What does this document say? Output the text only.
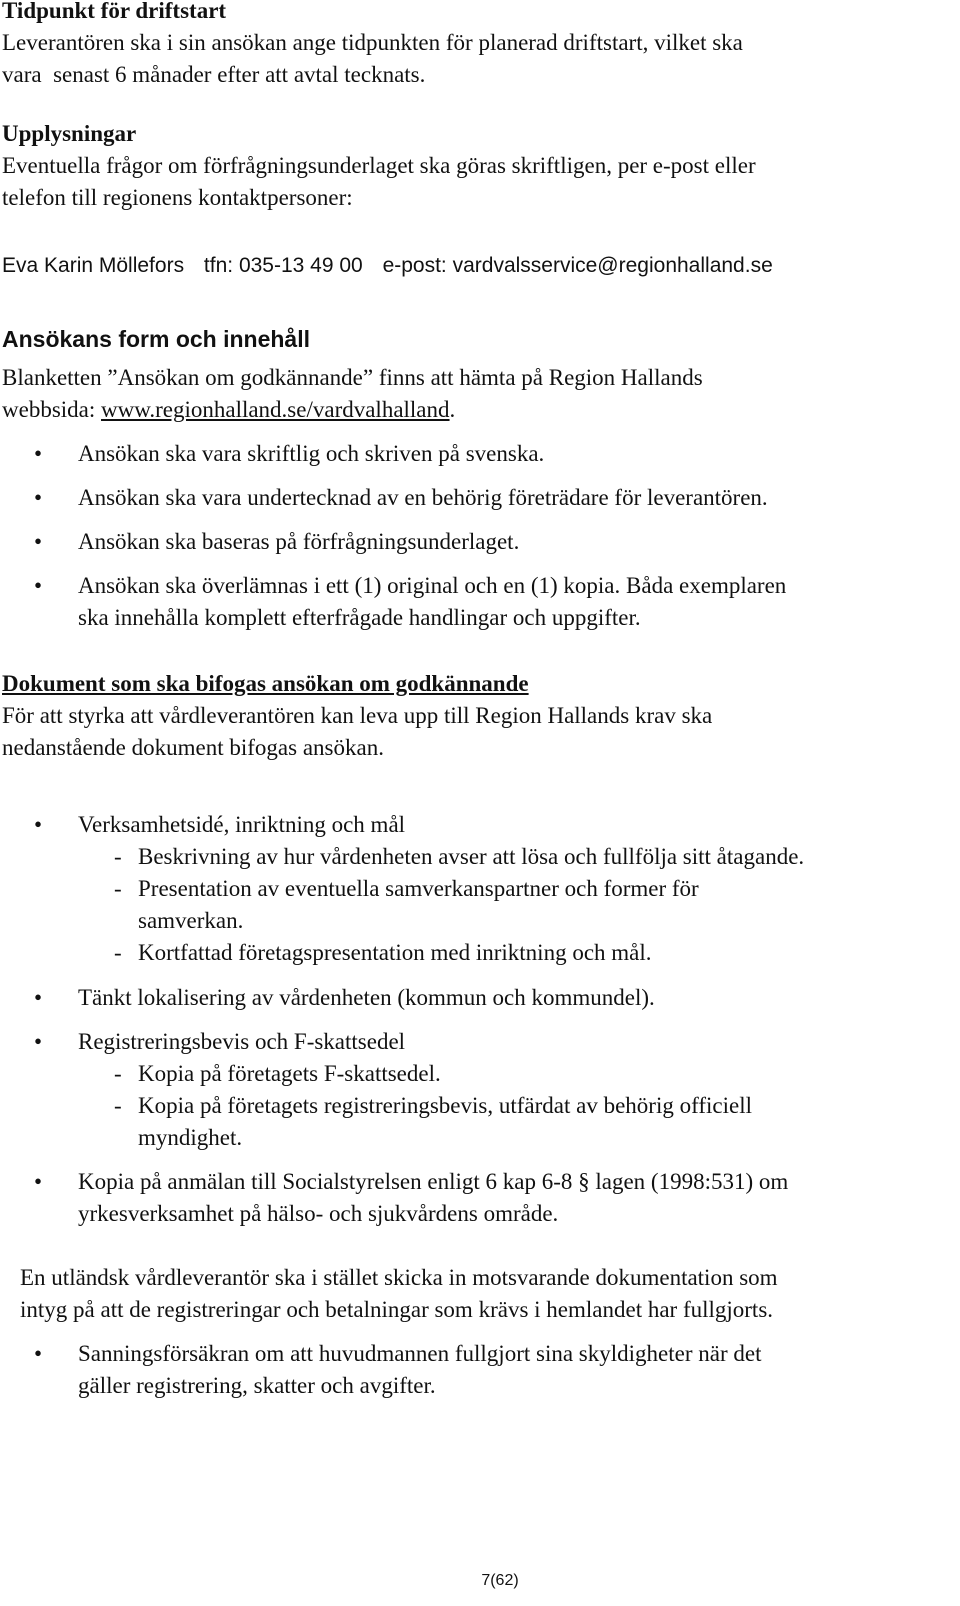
Tidpunkt för driftstart
Leverantören ska i sin ansökan ange tidpunkten för planerad driftstart, vilket ska
vara  senast 6 månader efter att avtal tecknats.
Upplysningar
Eventuella frågor om förfrågningsunderlaget ska göras skriftligen, per e-post eller
telefon till regionens kontaktpersoner:
Eva Karin Möllefors tfn: 035-13 49 00 e-post: vardvalsservice@regionhalland.se
Ansökans form och innehåll
Blanketten ”Ansökan om godkännande” finns att hämta på Region Hallands
webbsida: www.regionhalland.se/vardvalhalland.
• Ansökan ska vara skriftlig och skriven på svenska.
• Ansökan ska vara undertecknad av en behörig företrädare för leverantören.
• Ansökan ska baseras på förfrågningsunderlaget.
• Ansökan ska överlämnas i ett (1) original och en (1) kopia. Båda exemplaren
ska innehålla komplett efterfrågade handlingar och uppgifter.
Dokument som ska bifogas ansökan om godkännande
För att styrka att vårdleverantören kan leva upp till Region Hallands krav ska
nedanstående dokument bifogas ansökan.
• Verksamhetsidé, inriktning och mål
- Beskrivning av hur vårdenheten avser att lösa och fullfölja sitt åtagande.
- Presentation av eventuella samverkanspartner och former för
samverkan.
- Kortfattad företagspresentation med inriktning och mål.
• Tänkt lokalisering av vårdenheten (kommun och kommundel).
• Registreringsbevis och F-skattsedel
- Kopia på företagets F-skattsedel.
- Kopia på företagets registreringsbevis, utfärdat av behörig officiell
myndighet.
• Kopia på anmälan till Socialstyrelsen enligt 6 kap 6-8 § lagen (1998:531) om
yrkesverksamhet på hälso- och sjukvårdens område.
En utländsk vårdleverantör ska i stället skicka in motsvarande dokumentation som
intyg på att de registreringar och betalningar som krävs i hemlandet har fullgjorts.
• Sanningsförsäkran om att huvudmannen fullgjort sina skyldigheter när det
gäller registrering, skatter och avgifter.
7(62)
